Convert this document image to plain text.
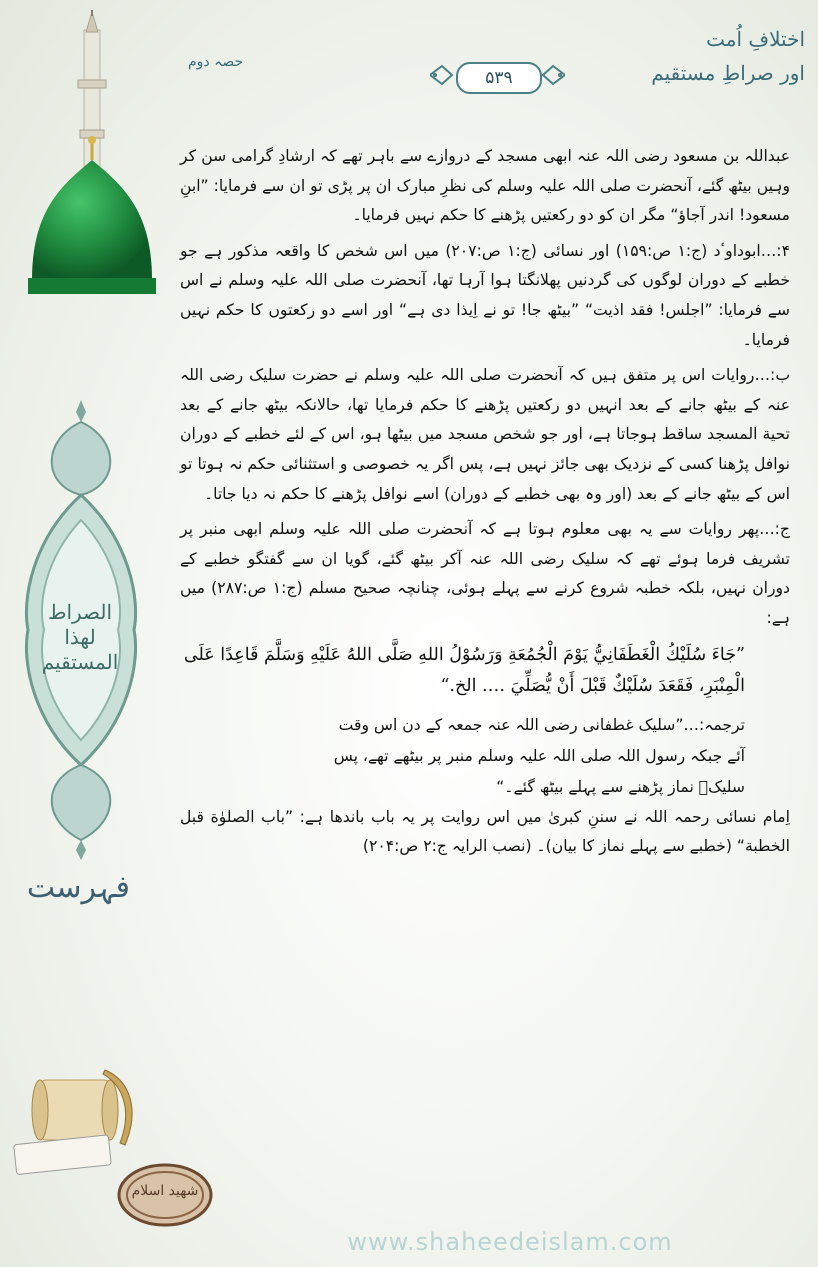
الصراط
لهذا المستقيم
فہرست
شهيد اسلام
اختلافِ اُمت
اور صراطِ مستقیم
حصہ دوم
۵۳۹

عبداللہ بن مسعود رضی اللہ عنہ ابھی مسجد کے دروازے سے باہر تھے کہ ارشادِ گرامی سن کر وہیں بیٹھ گئے، آنحضرت صلی اللہ علیہ وسلم کی نظرِ مبارک ان پر پڑی تو ان سے فرمایا: ”ابنِ مسعود! اندر آجاؤ“ مگر ان کو دو رکعتیں پڑھنے کا حکم نہیں فرمایا۔

۴:…ابوداوٴد (ج:۱ ص:۱۵۹) اور نسائی (ج:۱ ص:۲۰۷) میں اس شخص کا واقعہ مذکور ہے جو خطبے کے دوران لوگوں کی گردنیں پھلانگتا ہوا آرہا تھا، آنحضرت صلی اللہ علیہ وسلم نے اس سے فرمایا: ”اجلس! فقد اذیت“ ”بیٹھ جا! تو نے اِیذا دی ہے“ اور اسے دو رکعتوں کا حکم نہیں فرمایا۔

ب:…روایات اس پر متفق ہیں کہ آنحضرت صلی اللہ علیہ وسلم نے حضرت سلیک رضی اللہ عنہ کے بیٹھ جانے کے بعد انہیں دو رکعتیں پڑھنے کا حکم فرمایا تھا، حالانکہ بیٹھ جانے کے بعد تحیة المسجد ساقط ہوجاتا ہے، اور جو شخص مسجد میں بیٹھا ہو، اس کے لئے خطبے کے دوران نوافل پڑھنا کسی کے نزدیک بھی جائز نہیں ہے، پس اگر یہ خصوصی و استثنائی حکم نہ ہوتا تو اس کے بیٹھ جانے کے بعد (اور وہ بھی خطبے کے دوران) اسے نوافل پڑھنے کا حکم نہ دیا جاتا۔

ج:…پھر روایات سے یہ بھی معلوم ہوتا ہے کہ آنحضرت صلی اللہ علیہ وسلم ابھی منبر پر تشریف فرما ہوئے تھے کہ سلیک رضی اللہ عنہ آکر بیٹھ گئے، گویا ان سے گفتگو خطبے کے دوران نہیں، بلکہ خطبہ شروع کرنے سے پہلے ہوئی، چنانچہ صحیح مسلم (ج:۱ ص:۲۸۷) میں ہے:

”جَاءَ سُلَيْكُ الْغَطَفَانِيُّ يَوْمَ الْجُمُعَةِ وَرَسُوْلُ اللهِ صَلَّى اللهُ عَلَيْهِ وَسَلَّمَ قَاعِدًا عَلَى الْمِنْبَرِ، فَقَعَدَ سُلَيْكٌ قَبْلَ أَنْ يُّصَلِّيَ …. الخ.“

ترجمہ:…”سلیک غطفانی رضی اللہ عنہ جمعہ کے دن اس وقت آئے جبکہ رسول اللہ صلی اللہ علیہ وسلم منبر پر بیٹھے تھے، پس سلیکؓ نماز پڑھنے سے پہلے بیٹھ گئے۔“

اِمام نسائی رحمہ اللہ نے سننِ کبریٰ میں اس روایت پر یہ باب باندھا ہے: ”باب الصلوٰة قبل الخطبة“ (خطبے سے پہلے نماز کا بیان)۔ (نصب الرایہ ج:۲ ص:۲۰۴)

www.shaheedeislam.com
